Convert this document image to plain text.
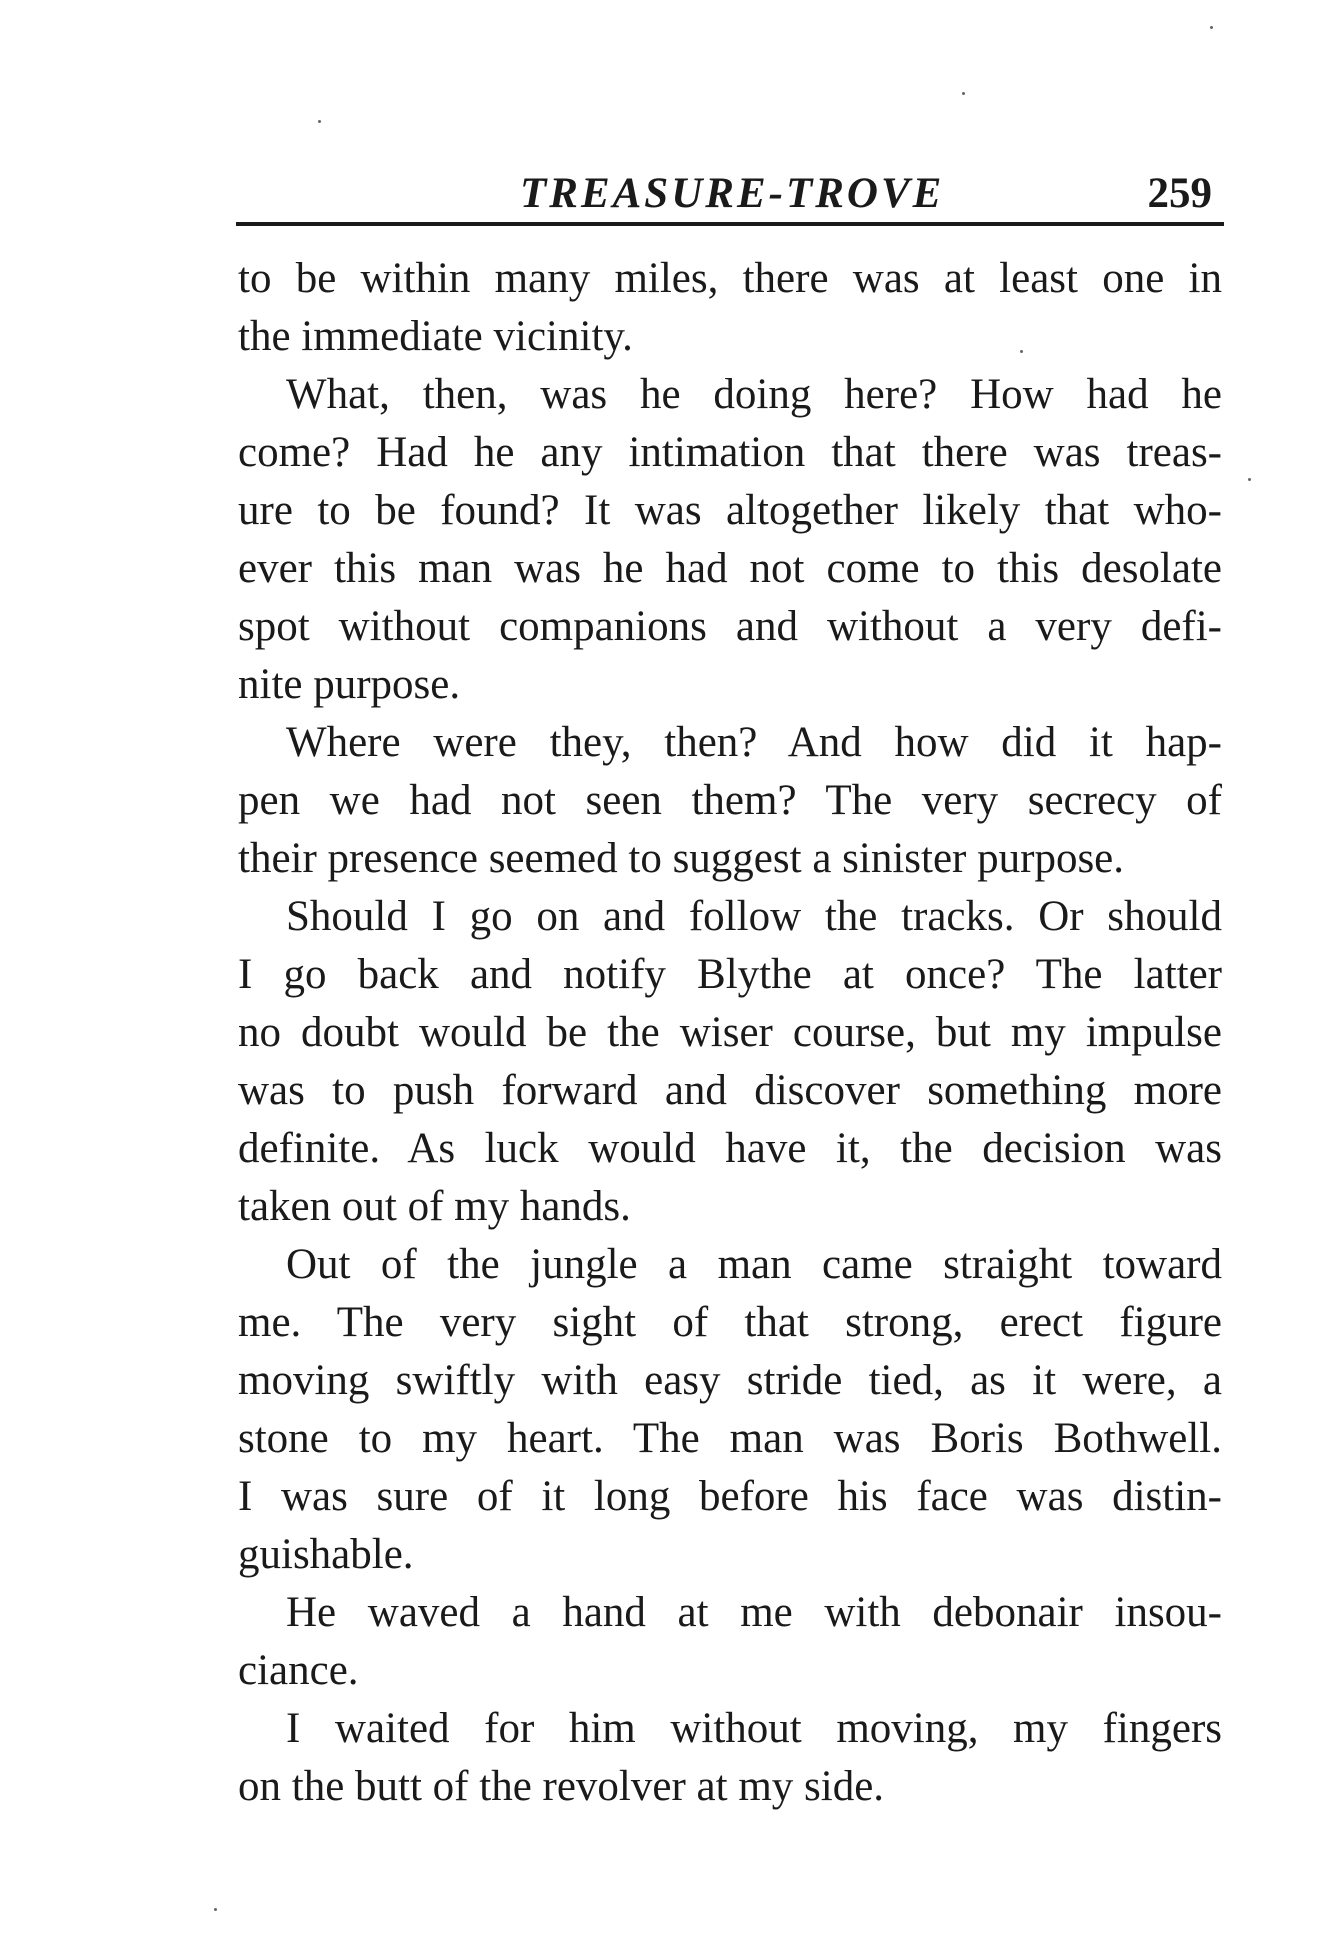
TREASURE-TROVE	259
to be within many miles, there was at least one in
the immediate vicinity.
What, then, was he doing here? How had he
come? Had he any intimation that there was treas-
ure to be found? It was altogether likely that who-
ever this man was he had not come to this desolate
spot without companions and without a very defi-
nite purpose.
Where were they, then? And how did it hap-
pen we had not seen them? The very secrecy of
their presence seemed to suggest a sinister purpose.
Should I go on and follow the tracks. Or should
I go back and notify Blythe at once? The latter
no doubt would be the wiser course, but my impulse
was to push forward and discover something more
definite. As luck would have it, the decision was
taken out of my hands.
Out of the jungle a man came straight toward
me. The very sight of that strong, erect figure
moving swiftly with easy stride tied, as it were, a
stone to my heart. The man was Boris Bothwell.
I was sure of it long before his face was distin-
guishable.
He waved a hand at me with debonair insou-
ciance.
I waited for him without moving, my fingers
on the butt of the revolver at my side.
